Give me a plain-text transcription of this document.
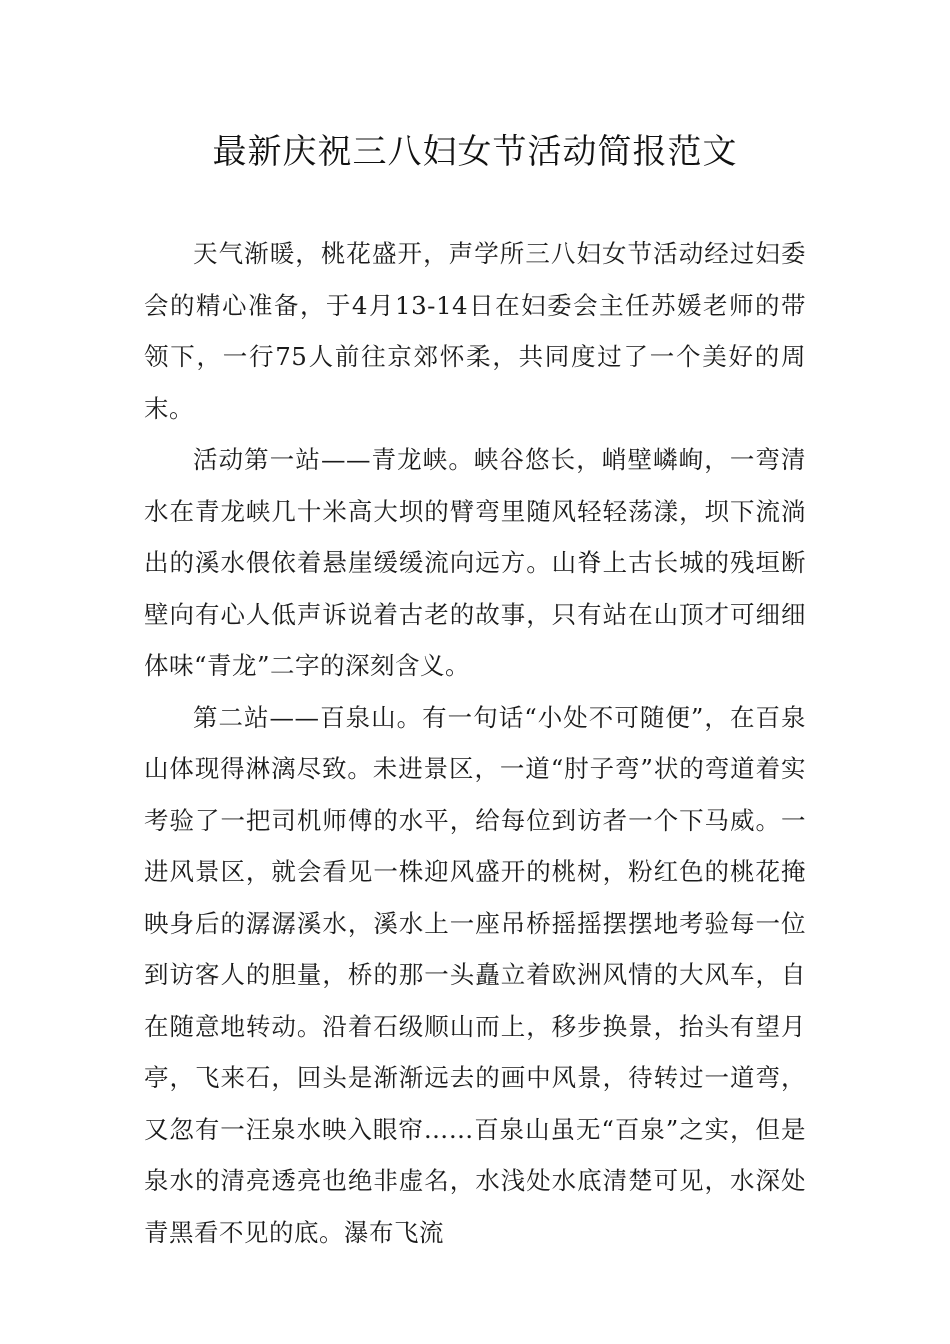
最新庆祝三八妇女节活动简报范文

天气渐暖，桃花盛开，声学所三八妇女节活动经过妇委会的精心准备，于4月13-14日在妇委会主任苏媛老师的带领下，一行75人前往京郊怀柔，共同度过了一个美好的周末。

活动第一站——青龙峡。峡谷悠长，峭壁嶙峋，一弯清水在青龙峡几十米高大坝的臂弯里随风轻轻荡漾，坝下流淌出的溪水偎依着悬崖缓缓流向远方。山脊上古长城的残垣断壁向有心人低声诉说着古老的故事，只有站在山顶才可细细体味“青龙”二字的深刻含义。

第二站——百泉山。有一句话“小处不可随便”，在百泉山体现得淋漓尽致。未进景区，一道“肘子弯”状的弯道着实考验了一把司机师傅的水平，给每位到访者一个下马威。一进风景区，就会看见一株迎风盛开的桃树，粉红色的桃花掩映身后的潺潺溪水，溪水上一座吊桥摇摇摆摆地考验每一位到访客人的胆量，桥的那一头矗立着欧洲风情的大风车，自在随意地转动。沿着石级顺山而上，移步换景，抬头有望月亭，飞来石，回头是渐渐远去的画中风景，待转过一道弯，又忽有一汪泉水映入眼帘……百泉山虽无“百泉”之实，但是泉水的清亮透亮也绝非虚名，水浅处水底清楚可见，水深处青黑看不见的底。瀑布飞流
